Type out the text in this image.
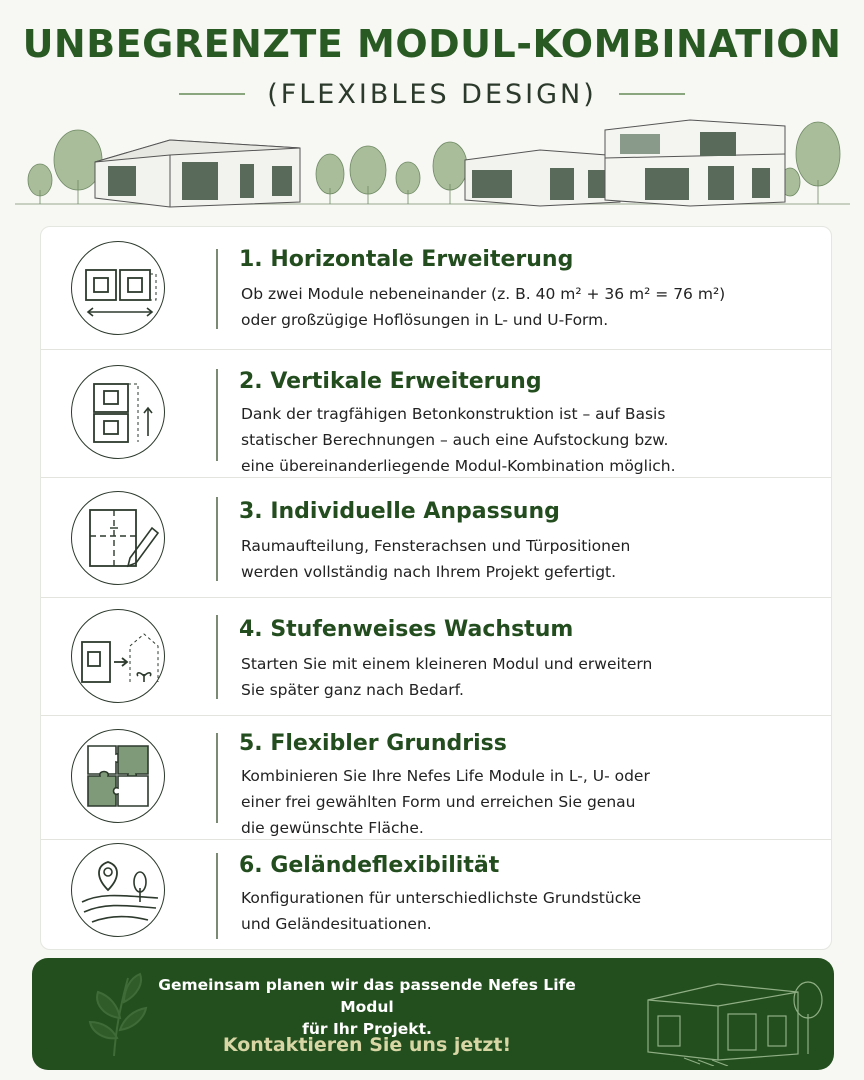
UNBEGRENZTE MODUL-KOMBINATION
(FLEXIBLES DESIGN)
1. Horizontale Erweiterung
Ob zwei Module nebeneinander (z. B. 40 m² + 36 m² = 76 m²)
oder großzügige Hoflösungen in L- und U-Form.
2. Vertikale Erweiterung
Dank der tragfähigen Betonkonstruktion ist – auf Basis
statischer Berechnungen – auch eine Aufstockung bzw.
eine übereinanderliegende Modul-Kombination möglich.
3. Individuelle Anpassung
Raumaufteilung, Fensterachsen und Türpositionen
werden vollständig nach Ihrem Projekt gefertigt.
4. Stufenweises Wachstum
Starten Sie mit einem kleineren Modul und erweitern
Sie später ganz nach Bedarf.
5. Flexibler Grundriss
Kombinieren Sie Ihre Nefes Life Module in L-, U- oder
einer frei gewählten Form und erreichen Sie genau
die gewünschte Fläche.
6. Geländeflexibilität
Konfigurationen für unterschiedlichste Grundstücke
und Geländesituationen.
Gemeinsam planen wir das passende Nefes Life Modul
für Ihr Projekt.
Kontaktieren Sie uns jetzt!
